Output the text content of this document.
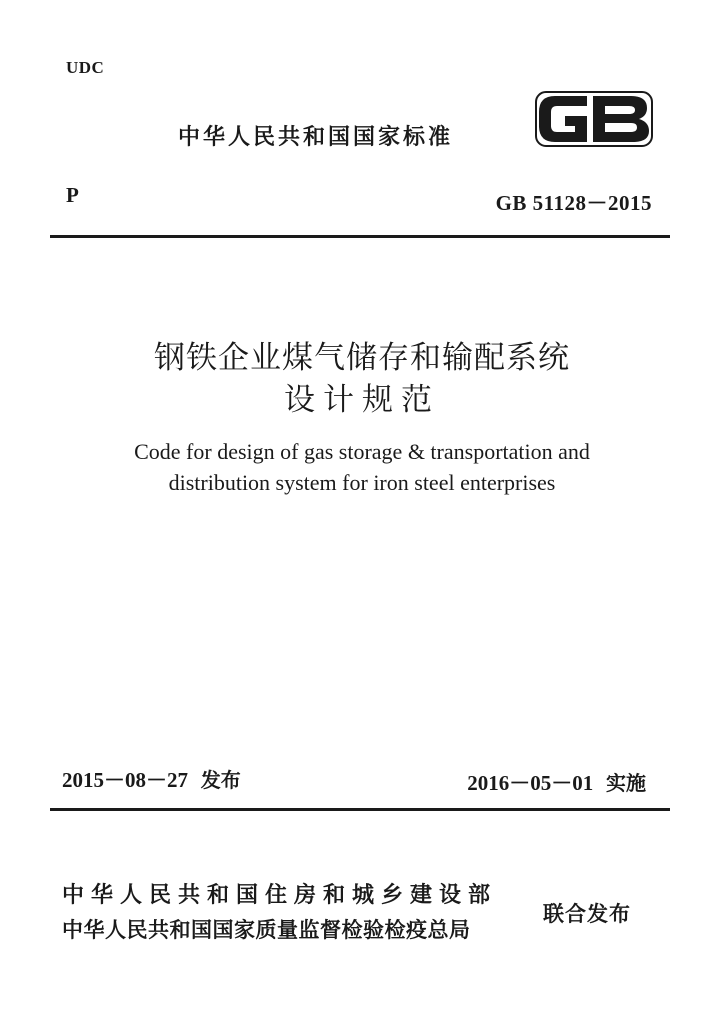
UDC
中华人民共和国国家标准
P	GB 51128－2015
钢铁企业煤气储存和输配系统
设计规范
Code for design of gas storage & transportation and
distribution system for iron steel enterprises
2015－08－27 发布	2016－05－01 实施
中华人民共和国住房和城乡建设部
中华人民共和国国家质量监督检验检疫总局
联合发布
